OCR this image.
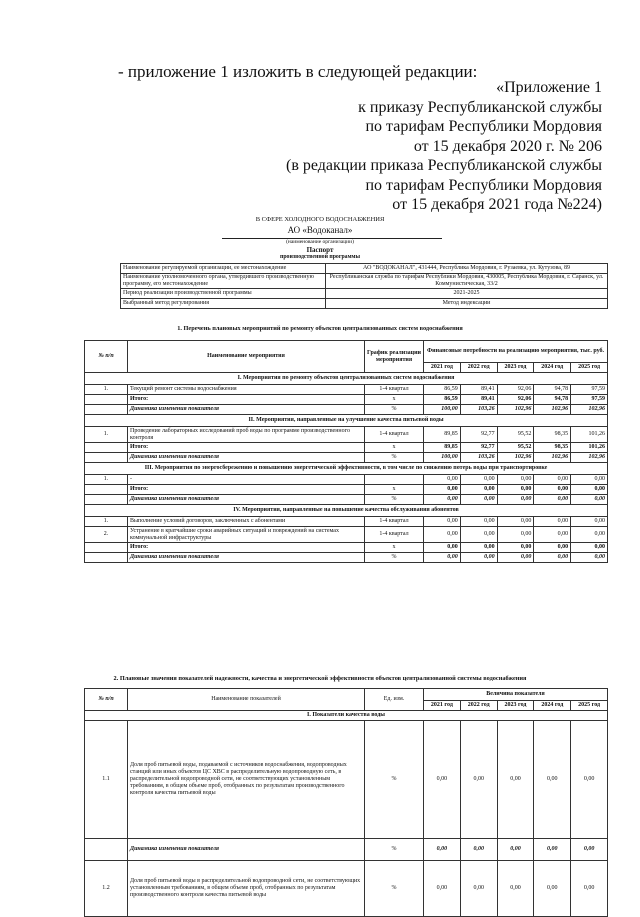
- приложение 1 изложить в следующей редакции:
«Приложение 1
к приказу Республиканской службы
по тарифам Республики Мордовия
от 15 декабря 2020 г. № 206
(в редакции приказа Республиканской службы
по тарифам Республики Мордовия
от 15 декабря 2021 года №224)
В СФЕРЕ ХОЛОДНОГО ВОДОСНАБЖЕНИЯ
АО «Водоканал»
(наименование организации)
Паспорт
производственной программы
Наименование регулируемой организации, ее местонахождение	АО "ВОДОКАНАЛ", 431444, Республика Мордовия, г. Рузаевка, ул. Кутузова, 89
Наименование уполномоченного органа, утвердившего производственную программу, его местонахождение	Республиканская служба по тарифам Республики Мордовия, 430005, Республика Мордовия, г. Саранск, ул. Коммунистическая, 33/2
Период реализации производственной программы	2021-2025
Выбранный метод регулирования	Метод индексации
1. Перечень плановых мероприятий по ремонту объектов централизованных систем водоснабжения
№ п/п	Наименование мероприятия	График реализации мероприятия	Финансовые потребности на реализацию мероприятия, тыс. руб.				
			2021 год	2022 год	2023 год	2024 год	2025 год
I. Мероприятия по ремонту объектов централизованных систем водоснабжения							
1.	Текущий ремонт системы водоснабжения	1-4 квартал	86,59	89,41	92,06	94,78	97,59
	Итого:	х	86,59	89,41	92,06	94,78	97,59
	Динамика изменения показателя	%	100,00	103,26	102,96	102,96	102,96
II. Мероприятия, направленные на улучшение качества питьевой воды							
1.	Проведение лабораторных исследований проб воды по программе производственного контроля	1-4 квартал	89,85	92,77	95,52	98,35	101,26
	Итого:	х	89,85	92,77	95,52	98,35	101,26
	Динамика изменения показателя	%	100,00	103,26	102,96	102,96	102,96
III. Мероприятия по энергосбережению и повышению энергетической эффективности, в том числе по снижению потерь воды при транспортировке							
1.	-		0,00	0,00	0,00	0,00	0,00
	Итого:	х	0,00	0,00	0,00	0,00	0,00
	Динамика изменения показателя	%	0,00	0,00	0,00	0,00	0,00
IV. Мероприятия, направленные на повышение качества обслуживания абонентов							
1.	Выполнение условий договоров, заключенных с абонентами	1-4 квартал	0,00	0,00	0,00	0,00	0,00
2.	Устранение в кратчайшие сроки аварийных ситуаций и повреждений на системах коммунальной инфраструктуры	1-4 квартал	0,00	0,00	0,00	0,00	0,00
	Итого:	х	0,00	0,00	0,00	0,00	0,00
	Динамика изменения показателя	%	0,00	0,00	0,00	0,00	0,00
2. Плановые значения показателей надежности, качества и энергетической эффективности объектов централизованной системы водоснабжения
№ п/п	Наименование показателей	Ед. изм.	Величина показателя				
			2021 год	2022 год	2023 год	2024 год	2025 год
I. Показатели качества воды							
1.1	Доля проб питьевой воды, подаваемой с источников водоснабжения, водопроводных станций или иных объектов ЦС ХВС в распределительную водопроводную сеть, в распределительной водопроводной сети, не соответствующих установленным требованиям, в общем объеме проб, отобранных по результатам производственного контроля качества питьевой воды	%	0,00	0,00	0,00	0,00	0,00
	Динамика изменения показателя	%	0,00	0,00	0,00	0,00	0,00
1.2	Доля проб питьевой воды в распределительной водопроводной сети, не соответствующих установленным требованиям, в общем объеме проб, отобранных по результатам производственного контроля качества питьевой воды	%	0,00	0,00	0,00	0,00	0,00
